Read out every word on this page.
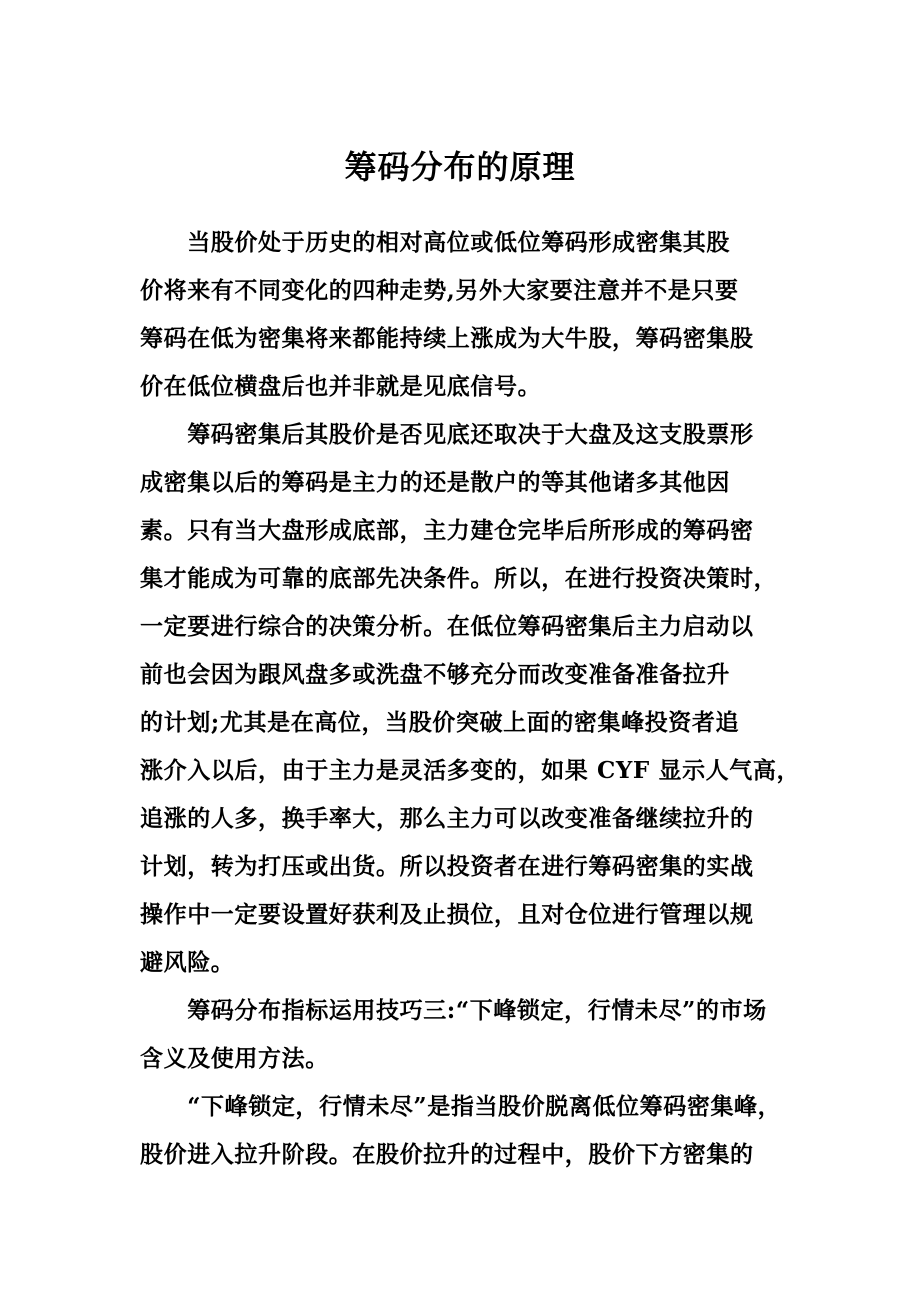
筹码分布的原理
　　当股价处于历史的相对高位或低位筹码形成密集其股
价将来有不同变化的四种走势,另外大家要注意并不是只要
筹码在低为密集将来都能持续上涨成为大牛股，筹码密集股
价在低位横盘后也并非就是见底信号。
　　筹码密集后其股价是否见底还取决于大盘及这支股票形
成密集以后的筹码是主力的还是散户的等其他诸多其他因
素。只有当大盘形成底部，主力建仓完毕后所形成的筹码密
集才能成为可靠的底部先决条件。所以，在进行投资决策时，
一定要进行综合的决策分析。在低位筹码密集后主力启动以
前也会因为跟风盘多或洗盘不够充分而改变准备准备拉升
的计划;尤其是在高位，当股价突破上面的密集峰投资者追
涨介入以后，由于主力是灵活多变的，如果 CYF 显示人气高，
追涨的人多，换手率大，那么主力可以改变准备继续拉升的
计划，转为打压或出货。所以投资者在进行筹码密集的实战
操作中一定要设置好获利及止损位，且对仓位进行管理以规
避风险。
　　筹码分布指标运用技巧三:“下峰锁定，行情未尽”的市场
含义及使用方法。
　　“下峰锁定，行情未尽”是指当股价脱离低位筹码密集峰，
股价进入拉升阶段。在股价拉升的过程中，股价下方密集的
